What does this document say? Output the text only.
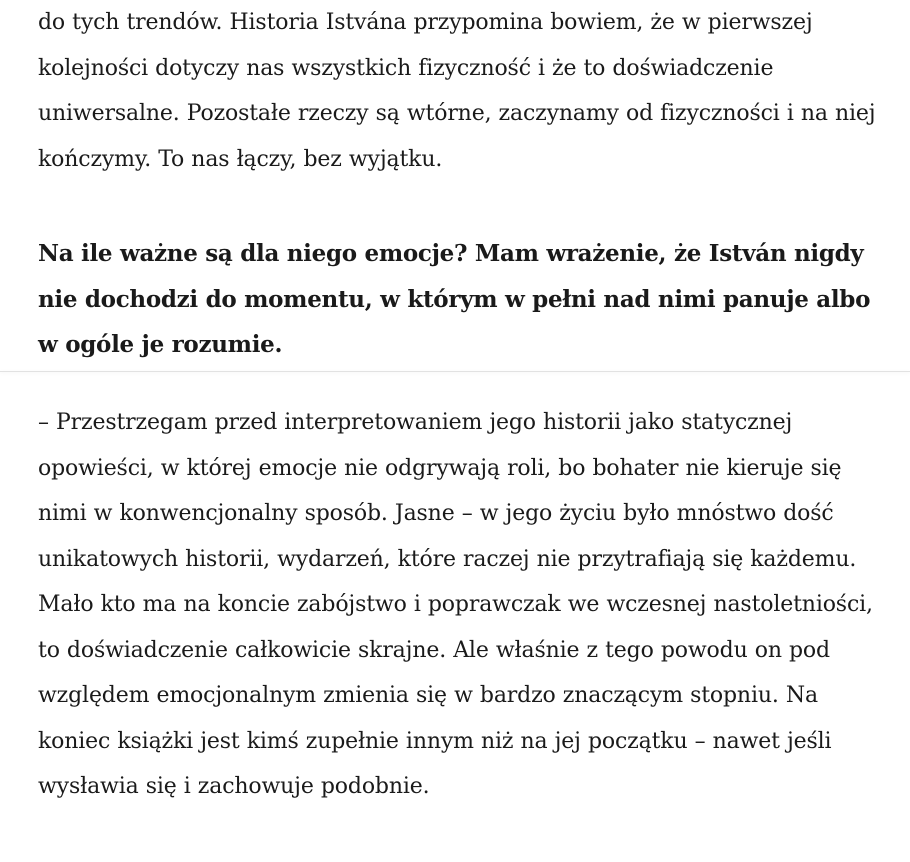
do tych trendów. Historia Istvána przypomina bowiem, że w pierwszej kolejności dotyczy nas wszystkich fizyczność i że to doświadczenie uniwersalne. Pozostałe rzeczy są wtórne, zaczynamy od fizyczności i na niej kończymy. To nas łączy, bez wyjątku.

Na ile ważne są dla niego emocje? Mam wrażenie, że István nigdy nie dochodzi do momentu, w którym w pełni nad nimi panuje albo w ogóle je rozumie.

– Przestrzegam przed interpretowaniem jego historii jako statycznej opowieści, w której emocje nie odgrywają roli, bo bohater nie kieruje się nimi w konwencjonalny sposób. Jasne – w jego życiu było mnóstwo dość unikatowych historii, wydarzeń, które raczej nie przytrafiają się każdemu. Mało kto ma na koncie zabójstwo i poprawczak we wczesnej nastoletniości, to doświadczenie całkowicie skrajne. Ale właśnie z tego powodu on pod względem emocjonalnym zmienia się w bardzo znaczącym stopniu. Na koniec książki jest kimś zupełnie innym niż na jej początku – nawet jeśli wysławia się i zachowuje podobnie.
